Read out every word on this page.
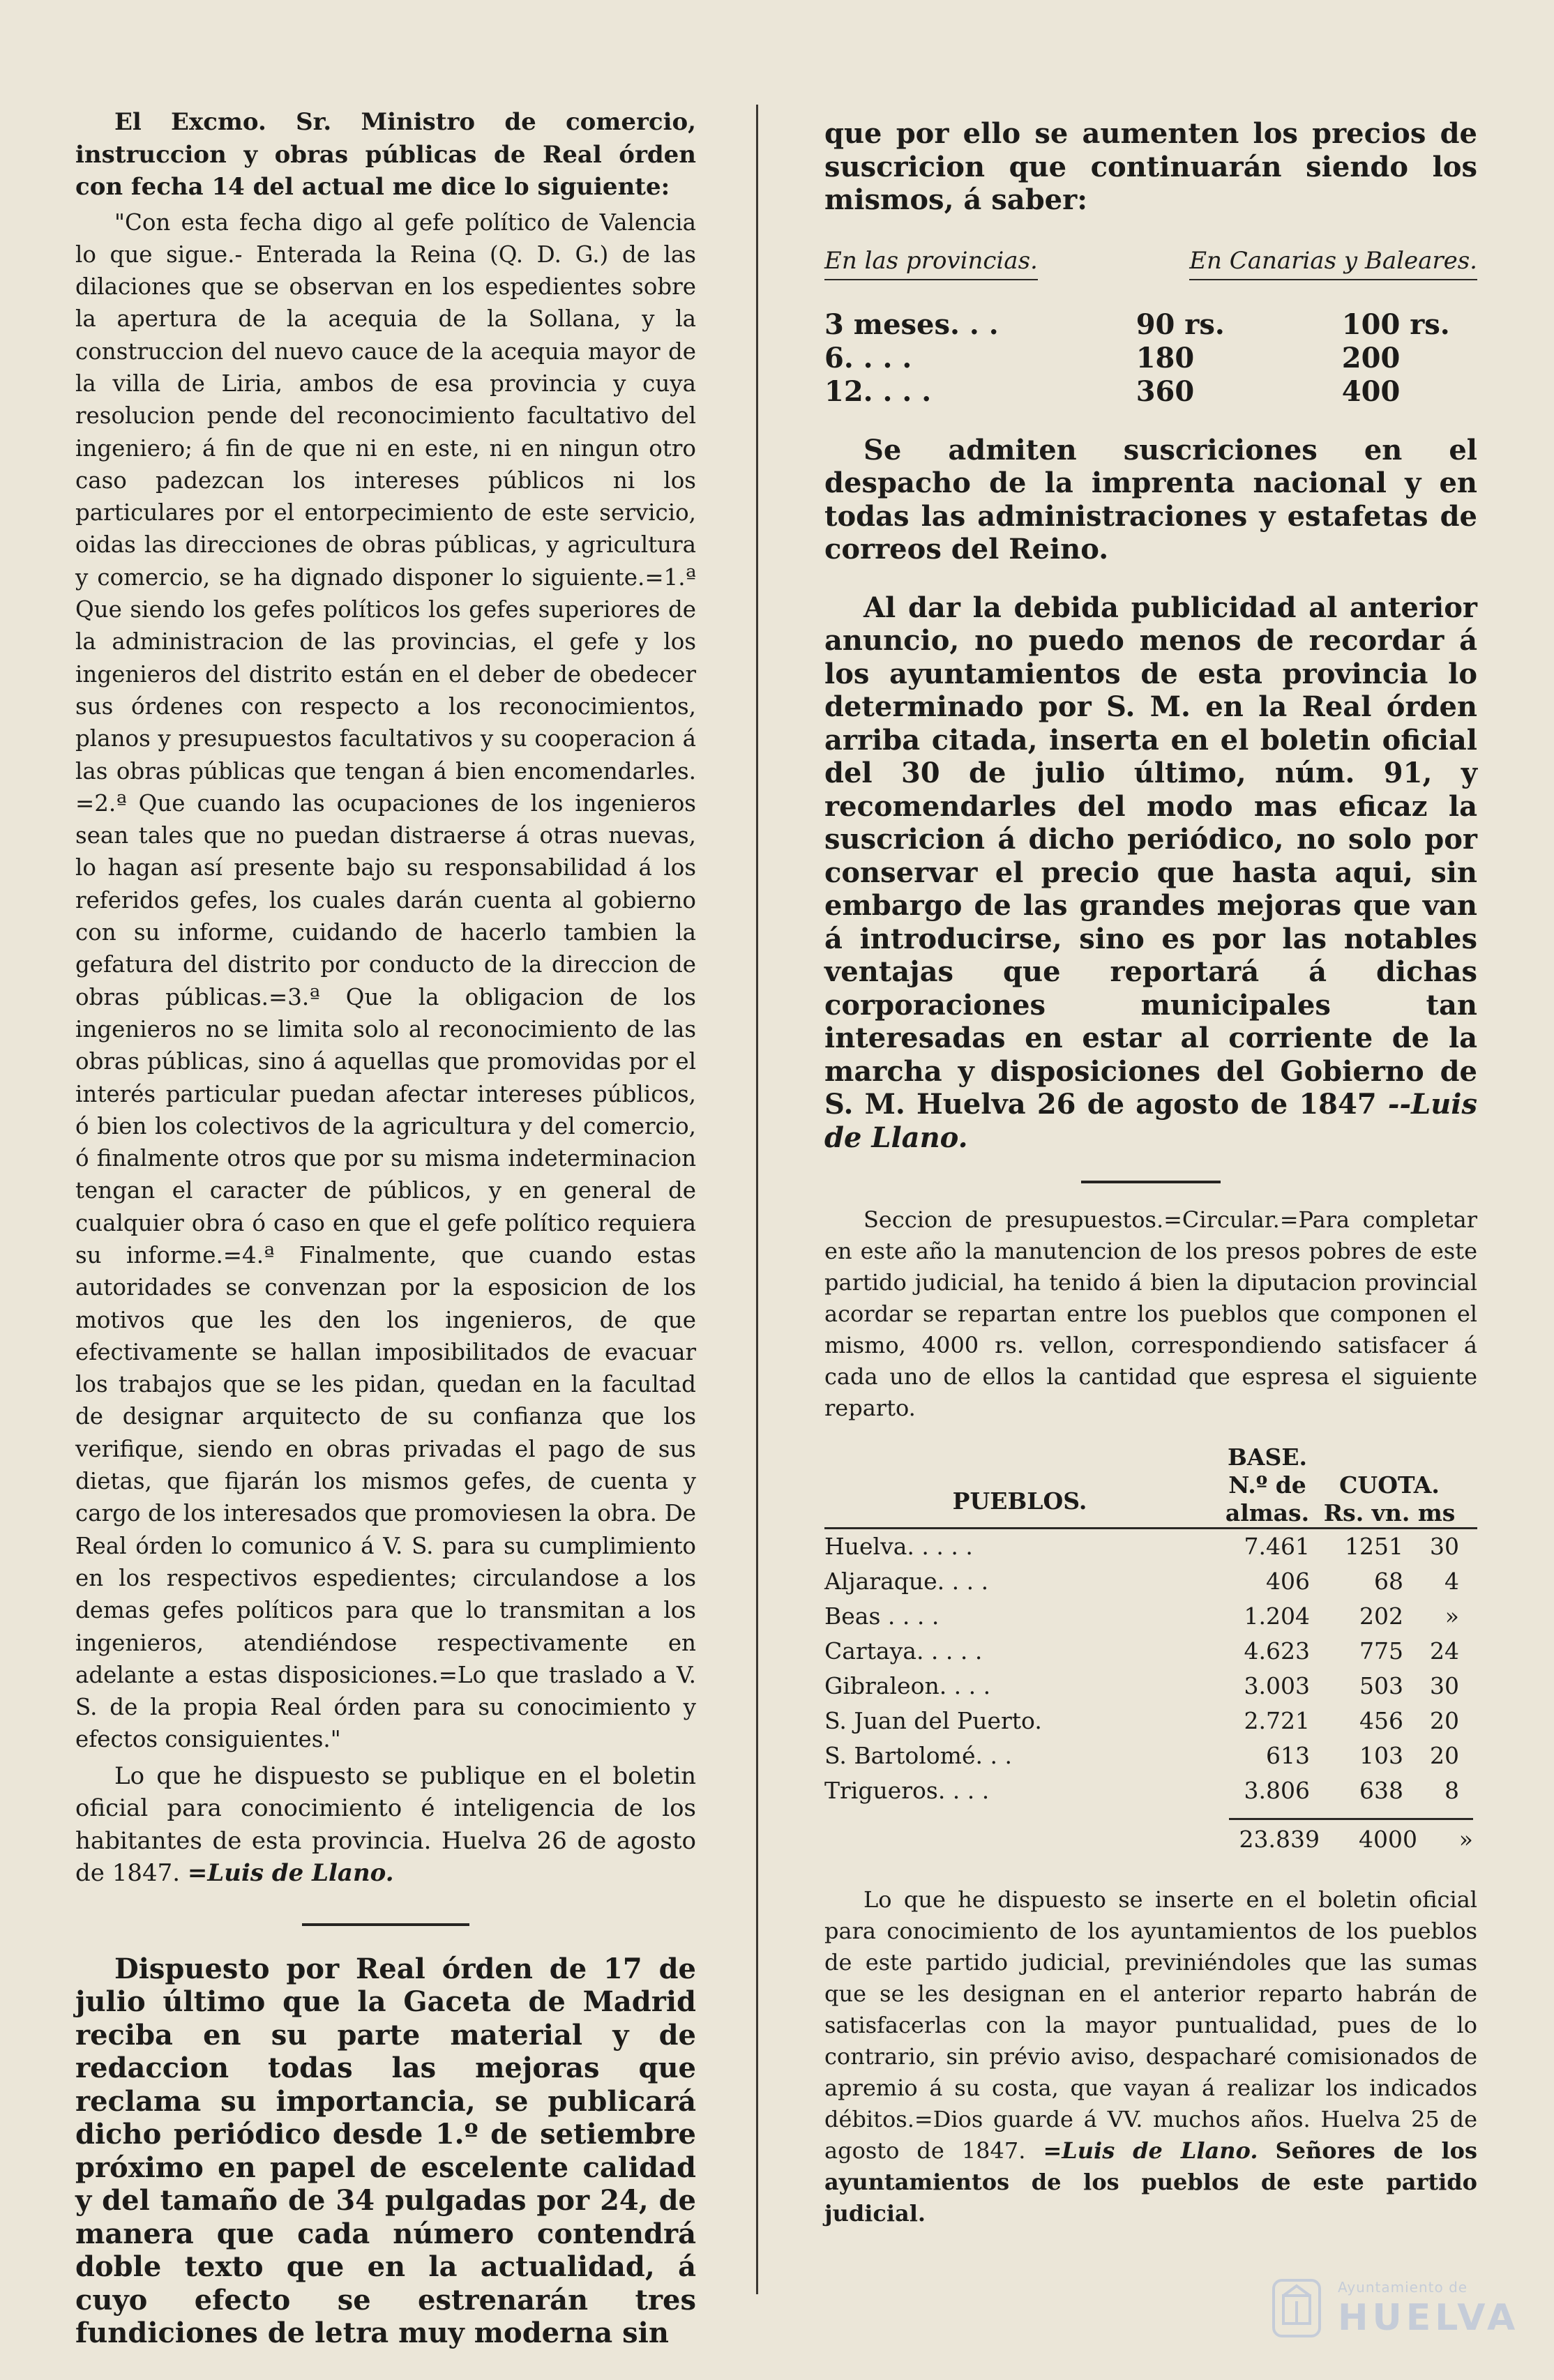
El Excmo. Sr. Ministro de comercio, instruccion y obras públicas de Real órden con fecha 14 del actual me dice lo siguiente:

"Con esta fecha digo al gefe político de Valencia lo que sigue.- Enterada la Reina (Q. D. G.) de las dilaciones que se observan en los espedientes sobre la apertura de la acequia de la Sollana, y la construccion del nuevo cauce de la acequia mayor de la villa de Liria, ambos de esa provincia y cuya resolucion pende del reconocimiento facultativo del ingeniero; á fin de que ni en este, ni en ningun otro caso padezcan los intereses públicos ni los particulares por el entorpecimiento de este servicio, oidas las direcciones de obras públicas, y agricultura y comercio, se ha dignado disponer lo siguiente.=1.ª Que siendo los gefes políticos los gefes superiores de la administracion de las provincias, el gefe y los ingenieros del distrito están en el deber de obedecer sus órdenes con respecto a los reconocimientos, planos y presupuestos facultativos y su cooperacion á las obras públicas que tengan á bien encomendarles. =2.ª Que cuando las ocupaciones de los ingenieros sean tales que no puedan distraerse á otras nuevas, lo hagan así presente bajo su responsabilidad á los referidos gefes, los cuales darán cuenta al gobierno con su informe, cuidando de hacerlo tambien la gefatura del distrito por conducto de la direccion de obras públicas.=3.ª Que la obligacion de los ingenieros no se limita solo al reconocimiento de las obras públicas, sino á aquellas que promovidas por el interés particular puedan afectar intereses públicos, ó bien los colectivos de la agricultura y del comercio, ó finalmente otros que por su misma indeterminacion tengan el caracter de públicos, y en general de cualquier obra ó caso en que el gefe político requiera su informe.=4.ª Finalmente, que cuando estas autoridades se convenzan por la esposicion de los motivos que les den los ingenieros, de que efectivamente se hallan imposibilitados de evacuar los trabajos que se les pidan, quedan en la facultad de designar arquitecto de su confianza que los verifique, siendo en obras privadas el pago de sus dietas, que fijarán los mismos gefes, de cuenta y cargo de los interesados que promoviesen la obra. De Real órden lo comunico á V. S. para su cumplimiento en los respectivos espedientes; circulandose a los demas gefes políticos para que lo transmitan a los ingenieros, atendiéndose respectivamente en adelante a estas disposiciones.=Lo que traslado a V. S. de la propia Real órden para su conocimiento y efectos consiguientes."

Lo que he dispuesto se publique en el boletin oficial para conocimiento é inteligencia de los habitantes de esta provincia. Huelva 26 de agosto de 1847. =Luis de Llano.

Dispuesto por Real órden de 17 de julio último que la Gaceta de Madrid reciba en su parte material y de redaccion todas las mejoras que reclama su importancia, se publicará dicho periódico desde 1.º de setiembre próximo en papel de escelente calidad y del tamaño de 34 pulgadas por 24, de manera que cada número contendrá doble texto que en la actualidad, á cuyo efecto se estrenarán tres fundiciones de letra muy moderna sin

que por ello se aumenten los precios de suscricion que continuarán siendo los mismos, á saber:

En las provincias.	En Canarias y Baleares.
3 meses. . .	90 rs.	100 rs.
6. . . .	180	200
12. . . .	360	400

Se admiten suscriciones en el despacho de la imprenta nacional y en todas las administraciones y estafetas de correos del Reino.

Al dar la debida publicidad al anterior anuncio, no puedo menos de recordar á los ayuntamientos de esta provincia lo determinado por S. M. en la Real órden arriba citada, inserta en el boletin oficial del 30 de julio último, núm. 91, y recomendarles del modo mas eficaz la suscricion á dicho periódico, no solo por conservar el precio que hasta aqui, sin embargo de las grandes mejoras que van á introducirse, sino es por las notables ventajas que reportará á dichas corporaciones municipales tan interesadas en estar al corriente de la marcha y disposiciones del Gobierno de S. M. Huelva 26 de agosto de 1847 --Luis de Llano.

Seccion de presupuestos.=Circular.=Para completar en este año la manutencion de los presos pobres de este partido judicial, ha tenido á bien la diputacion provincial acordar se repartan entre los pueblos que componen el mismo, 4000 rs. vellon, correspondiendo satisfacer á cada uno de ellos la cantidad que espresa el siguiente reparto.

PUEBLOS.
BASE.
N.º de almas.
CUOTA.
Rs. vn. ms
Huelva. . . . .	7.461	1251	30
Aljaraque. . . .	406	68	4
Beas . . . .	1.204	202	»
Cartaya. . . . .	4.623	775	24
Gibraleon. . . .	3.003	503	30
S. Juan del Puerto.	2.721	456	20
S. Bartolomé. . .	613	103	20
Trigueros. . . .	3.806	638	8
23.839	4000	»

Lo que he dispuesto se inserte en el boletin oficial para conocimiento de los ayuntamientos de los pueblos de este partido judicial, previniéndoles que las sumas que se les designan en el anterior reparto habrán de satisfacerlas con la mayor puntualidad, pues de lo contrario, sin prévio aviso, despacharé comisionados de apremio á su costa, que vayan á realizar los indicados débitos.=Dios guarde á VV. muchos años. Huelva 25 de agosto de 1847. =Luis de Llano. Señores de los ayuntamientos de los pueblos de este partido judicial.

Ayuntamiento de
HUELVA
